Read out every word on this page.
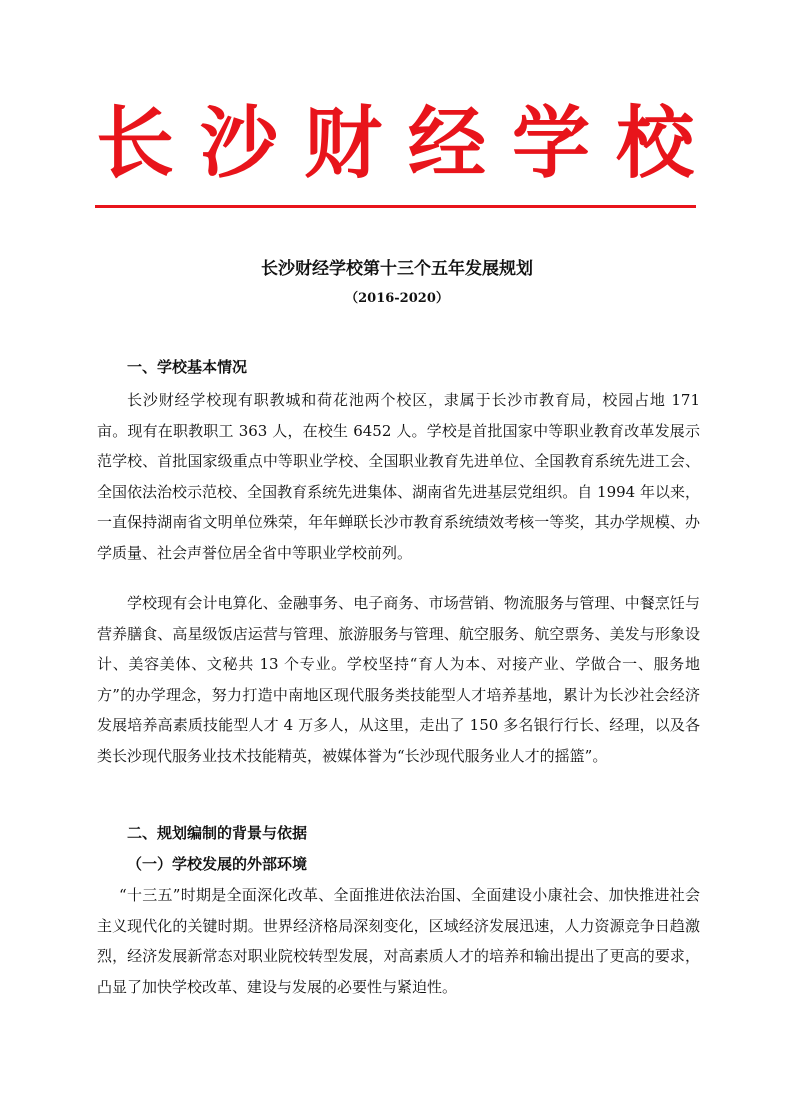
长沙财经学校
长沙财经学校第十三个五年发展规划
（2016-2020）
一、学校基本情况

长沙财经学校现有职教城和荷花池两个校区，隶属于长沙市教育局，校园占地 171 亩。现有在职教职工 363 人，在校生 6452 人。学校是首批国家中等职业教育改革发展示范学校、首批国家级重点中等职业学校、全国职业教育先进单位、全国教育系统先进工会、全国依法治校示范校、全国教育系统先进集体、湖南省先进基层党组织。自 1994 年以来，一直保持湖南省文明单位殊荣，年年蝉联长沙市教育系统绩效考核一等奖，其办学规模、办学质量、社会声誉位居全省中等职业学校前列。

学校现有会计电算化、金融事务、电子商务、市场营销、物流服务与管理、中餐烹饪与营养膳食、高星级饭店运营与管理、旅游服务与管理、航空服务、航空票务、美发与形象设计、美容美体、文秘共 13 个专业。学校坚持“育人为本、对接产业、学做合一、服务地方”的办学理念，努力打造中南地区现代服务类技能型人才培养基地，累计为长沙社会经济发展培养高素质技能型人才 4 万多人，从这里，走出了 150 多名银行行长、经理，以及各类长沙现代服务业技术技能精英，被媒体誉为“长沙现代服务业人才的摇篮”。

二、规划编制的背景与依据
（一）学校发展的外部环境

“十三五”时期是全面深化改革、全面推进依法治国、全面建设小康社会、加快推进社会主义现代化的关键时期。世界经济格局深刻变化，区域经济发展迅速，人力资源竞争日趋激烈，经济发展新常态对职业院校转型发展，对高素质人才的培养和输出提出了更高的要求，凸显了加快学校改革、建设与发展的必要性与紧迫性。
